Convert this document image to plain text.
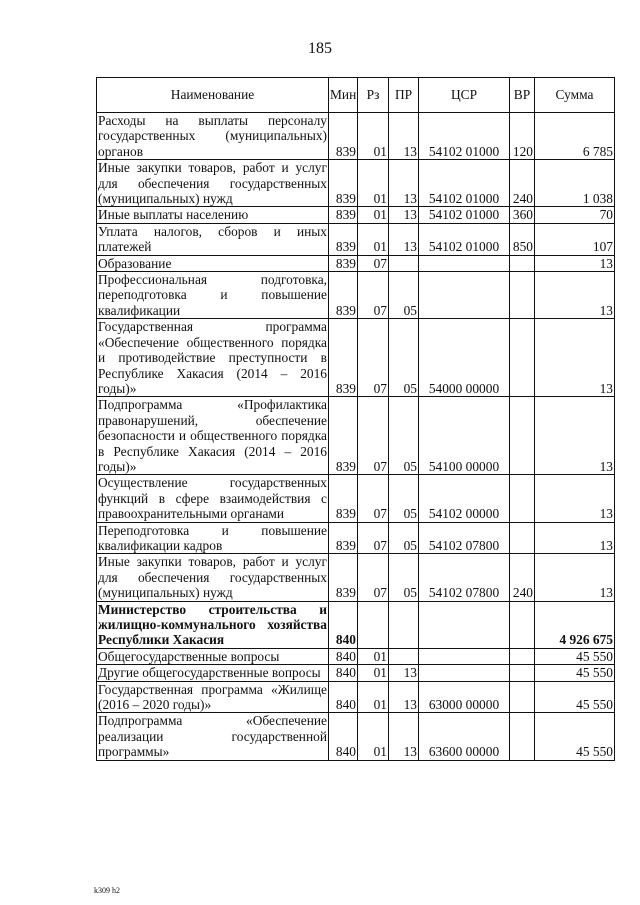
185
Наименование	Мин	Рз	ПР	ЦСР	ВР	Сумма
Расходы на выплаты персоналу государственных (муниципальных) органов	839	01	13	54102 01000	120	6 785
Иные закупки товаров, работ и услуг для обеспечения государственных (муниципальных) нужд	839	01	13	54102 01000	240	1 038
Иные выплаты населению	839	01	13	54102 01000	360	70
Уплата налогов, сборов и иных платежей	839	01	13	54102 01000	850	107
Образование	839	07				13
Профессиональная подготовка, переподготовка и повышение квалификации	839	07	05			13
Государственная программа «Обеспечение общественного порядка и противодействие преступности в Республике Хакасия (2014 – 2016 годы)»	839	07	05	54000 00000		13
Подпрограмма «Профилактика правонарушений, обеспечение безопасности и общественного порядка в Республике Хакасия (2014 – 2016 годы)»	839	07	05	54100 00000		13
Осуществление государственных функций в сфере взаимодействия с правоохранительными органами	839	07	05	54102 00000		13
Переподготовка и повышение квалификации кадров	839	07	05	54102 07800		13
Иные закупки товаров, работ и услуг для обеспечения государственных (муниципальных) нужд	839	07	05	54102 07800	240	13
Министерство строительства и жилищно-коммунального хозяйства Республики Хакасия	840					4 926 675
Общегосударственные вопросы	840	01				45 550
Другие общегосударственные вопросы	840	01	13			45 550
Государственная программа «Жилище (2016 – 2020 годы)»	840	01	13	63000 00000		45 550
Подпрограмма «Обеспечение реализации государственной программы»	840	01	13	63600 00000		45 550
k309 h2
